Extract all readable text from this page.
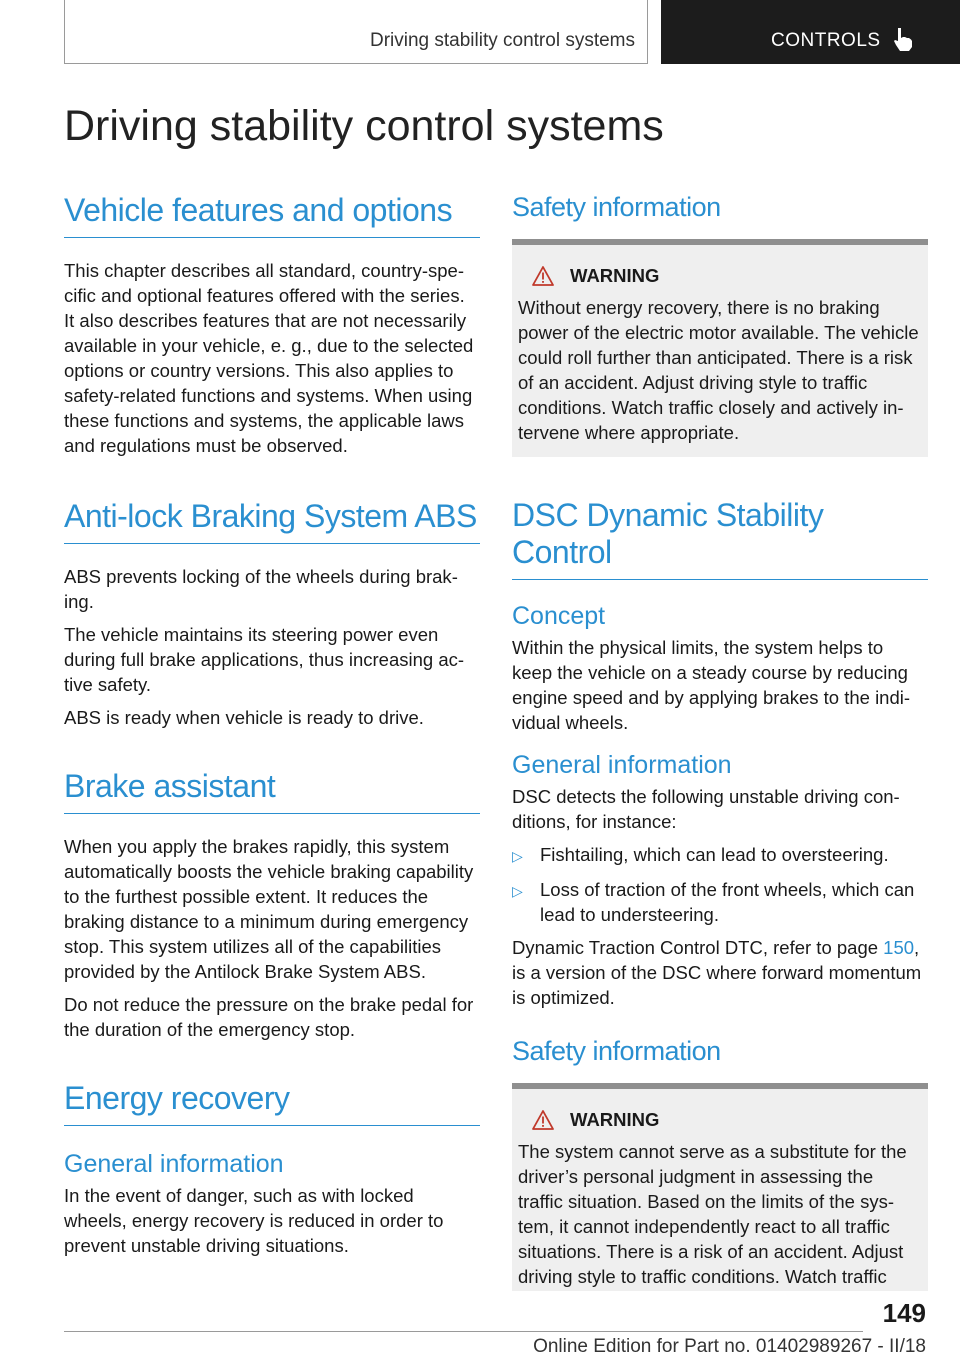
Driving stability control systems	CONTROLS
Driving stability control systems
Vehicle features and options

This chapter describes all standard, country-specific and optional features offered with the series. It also describes features that are not necessarily available in your vehicle, e. g., due to the selected options or country versions. This also applies to safety-related functions and systems. When using these functions and systems, the applicable laws and regulations must be observed.

Anti-lock Braking System ABS

ABS prevents locking of the wheels during braking.

The vehicle maintains its steering power even during full brake applications, thus increasing active safety.

ABS is ready when vehicle is ready to drive.

Brake assistant

When you apply the brakes rapidly, this system automatically boosts the vehicle braking capability to the furthest possible extent. It reduces the braking distance to a minimum during emergency stop. This system utilizes all of the capabilities provided by the Antilock Brake System ABS.

Do not reduce the pressure on the brake pedal for the duration of the emergency stop.

Energy recovery
General information

In the event of danger, such as with locked wheels, energy recovery is reduced in order to prevent unstable driving situations.

Safety information
WARNING

Without energy recovery, there is no braking power of the electric motor available. The vehicle could roll further than anticipated. There is a risk of an accident. Adjust driving style to traffic conditions. Watch traffic closely and actively intervene where appropriate.

DSC Dynamic Stability Control
Concept

Within the physical limits, the system helps to keep the vehicle on a steady course by reducing engine speed and by applying brakes to the individual wheels.

General information

DSC detects the following unstable driving conditions, for instance:

▷ Fishtailing, which can lead to oversteering.
▷ Loss of traction of the front wheels, which can lead to understeering.

Dynamic Traction Control DTC, refer to page 150, is a version of the DSC where forward momentum is optimized.

Safety information
WARNING

The system cannot serve as a substitute for the driver’s personal judgment in assessing the traffic situation. Based on the limits of the system, it cannot independently react to all traffic situations. There is a risk of an accident. Adjust driving style to traffic conditions. Watch traffic

149
Online Edition for Part no. 01402989267 - II/18
